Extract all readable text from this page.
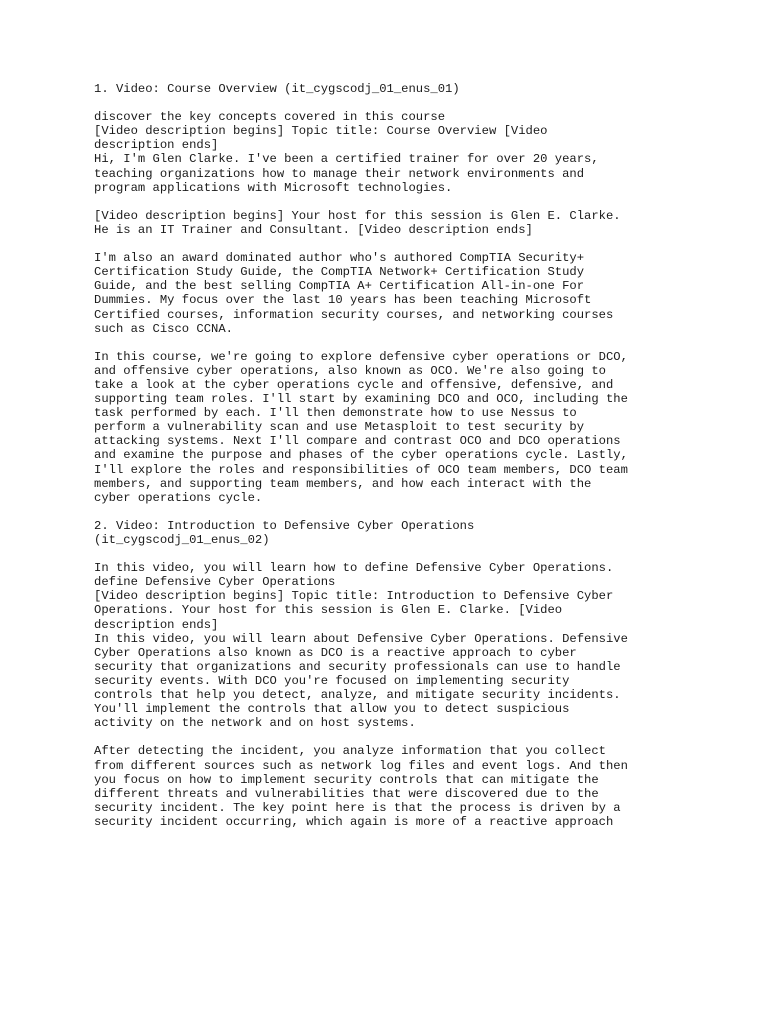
1. Video: Course Overview (it_cygscodj_01_enus_01)
discover the key concepts covered in this course
[Video description begins] Topic title: Course Overview [Video
description ends]
Hi, I'm Glen Clarke. I've been a certified trainer for over 20 years,
teaching organizations how to manage their network environments and
program applications with Microsoft technologies.
[Video description begins] Your host for this session is Glen E. Clarke.
He is an IT Trainer and Consultant. [Video description ends]
I'm also an award dominated author who's authored CompTIA Security+
Certification Study Guide, the CompTIA Network+ Certification Study
Guide, and the best selling CompTIA A+ Certification All-in-one For
Dummies. My focus over the last 10 years has been teaching Microsoft
Certified courses, information security courses, and networking courses
such as Cisco CCNA.
In this course, we're going to explore defensive cyber operations or DCO,
and offensive cyber operations, also known as OCO. We're also going to
take a look at the cyber operations cycle and offensive, defensive, and
supporting team roles. I'll start by examining DCO and OCO, including the
task performed by each. I'll then demonstrate how to use Nessus to
perform a vulnerability scan and use Metasploit to test security by
attacking systems. Next I'll compare and contrast OCO and DCO operations
and examine the purpose and phases of the cyber operations cycle. Lastly,
I'll explore the roles and responsibilities of OCO team members, DCO team
members, and supporting team members, and how each interact with the
cyber operations cycle.
2. Video: Introduction to Defensive Cyber Operations
(it_cygscodj_01_enus_02)
In this video, you will learn how to define Defensive Cyber Operations.
define Defensive Cyber Operations
[Video description begins] Topic title: Introduction to Defensive Cyber
Operations. Your host for this session is Glen E. Clarke. [Video
description ends]
In this video, you will learn about Defensive Cyber Operations. Defensive
Cyber Operations also known as DCO is a reactive approach to cyber
security that organizations and security professionals can use to handle
security events. With DCO you're focused on implementing security
controls that help you detect, analyze, and mitigate security incidents.
You'll implement the controls that allow you to detect suspicious
activity on the network and on host systems.
After detecting the incident, you analyze information that you collect
from different sources such as network log files and event logs. And then
you focus on how to implement security controls that can mitigate the
different threats and vulnerabilities that were discovered due to the
security incident. The key point here is that the process is driven by a
security incident occurring, which again is more of a reactive approach
